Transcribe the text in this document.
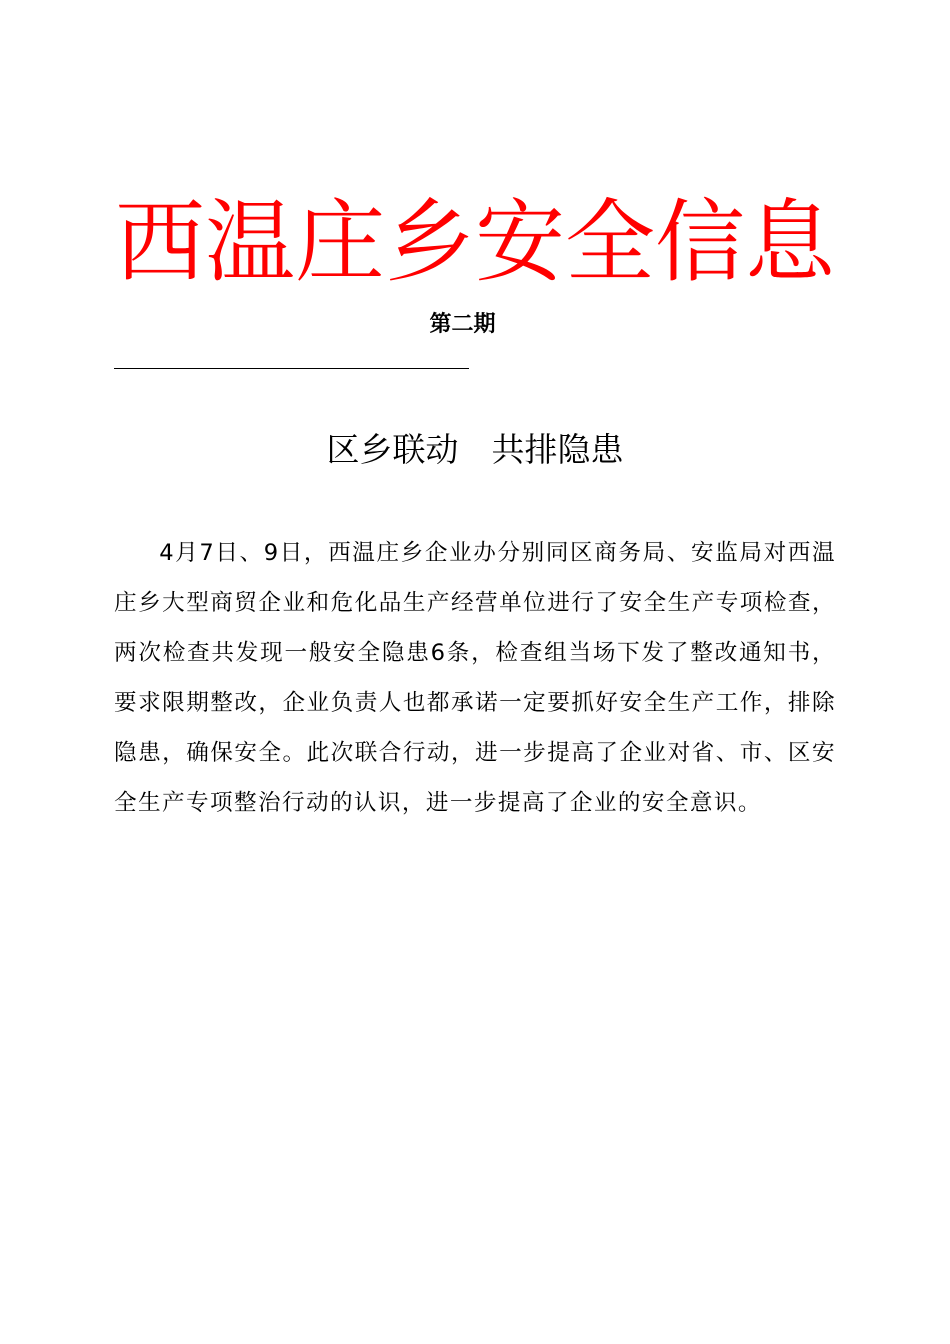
西温庄乡安全信息
第二期
区乡联动　共排隐患

4月7日、9日，西温庄乡企业办分别同区商务局、安监局对西温庄乡大型商贸企业和危化品生产经营单位进行了安全生产专项检查，两次检查共发现一般安全隐患6条，检查组当场下发了整改通知书，要求限期整改，企业负责人也都承诺一定要抓好安全生产工作，排除隐患，确保安全。此次联合行动，进一步提高了企业对省、市、区安全生产专项整治行动的认识，进一步提高了企业的安全意识。
